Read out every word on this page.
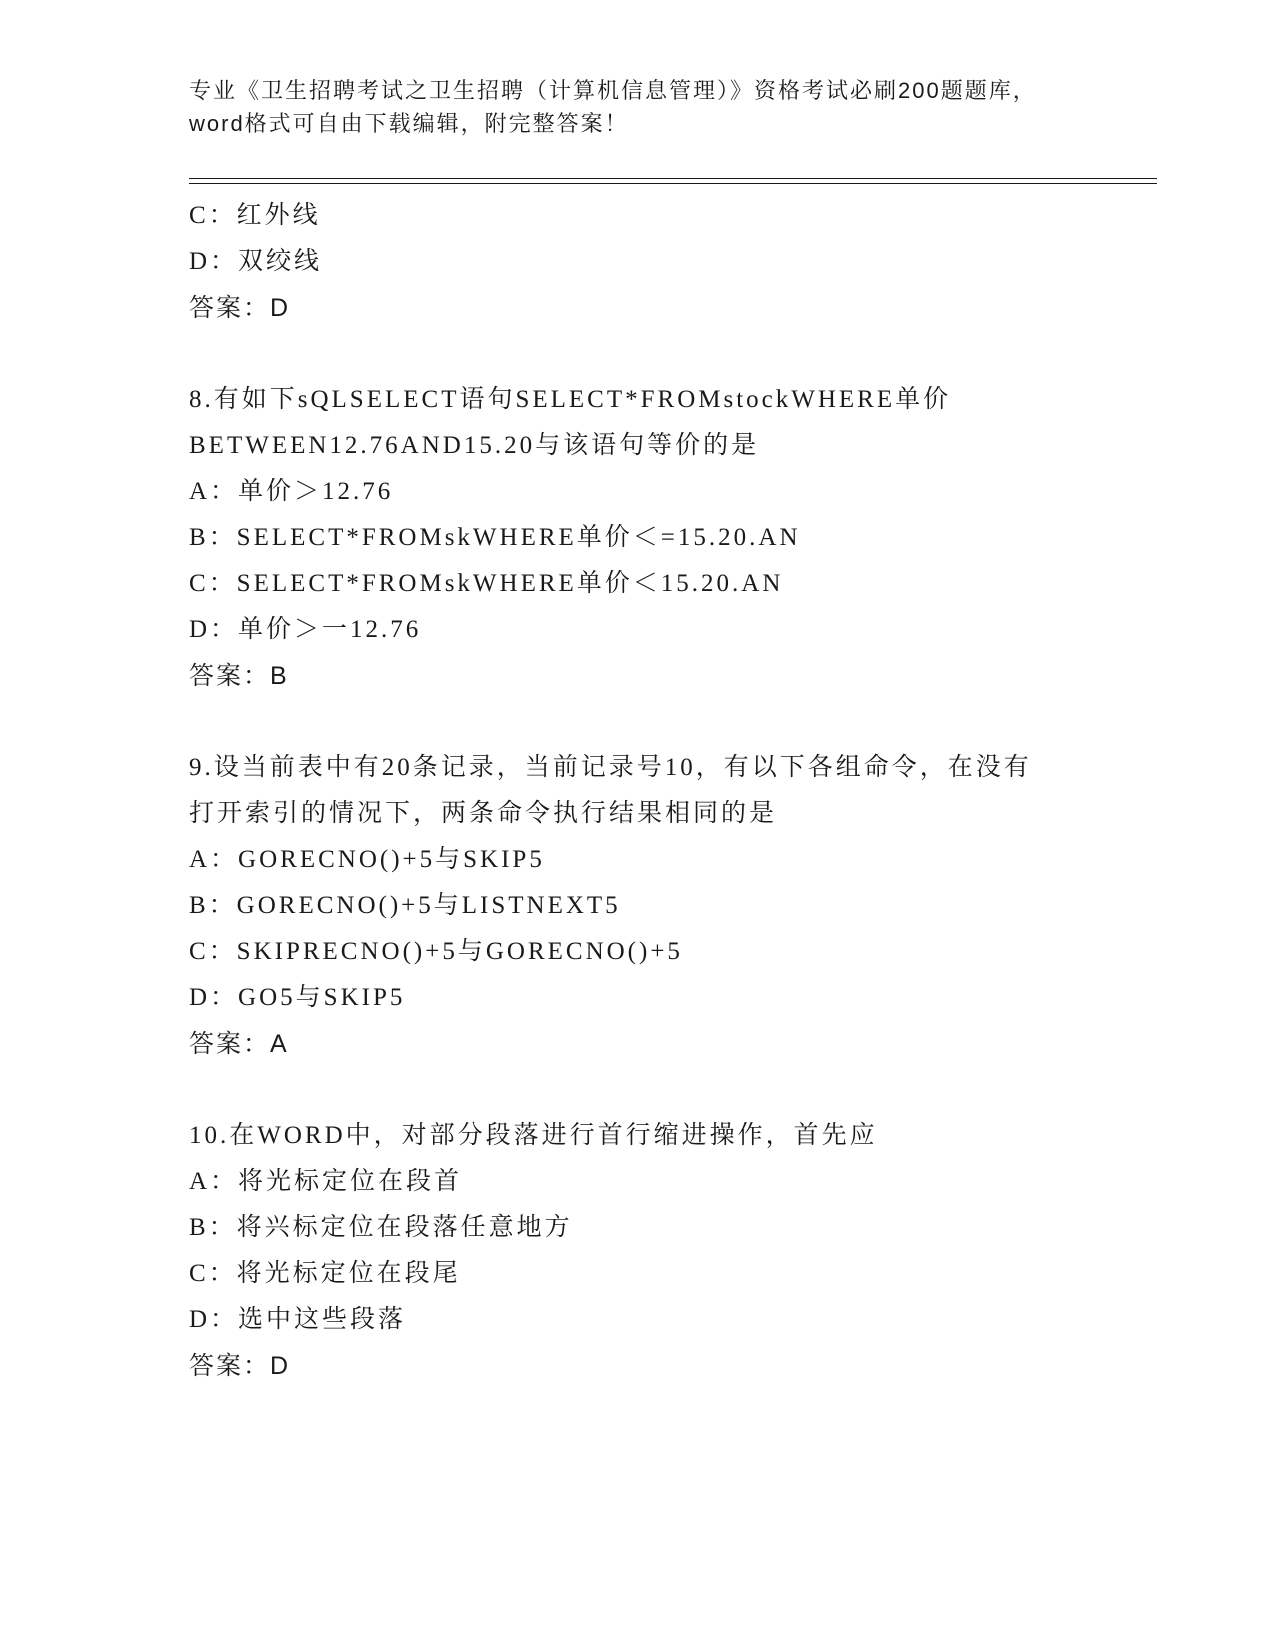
专业《卫生招聘考试之卫生招聘（计算机信息管理）》资格考试必刷200题题库，
word格式可自由下载编辑，附完整答案！
C：红外线
D：双绞线
答案：D
8.有如下sQLSELECT语句SELECT*FROMstockWHERE单价
BETWEEN12.76AND15.20与该语句等价的是
A：单价＞12.76
B：SELECT*FROMskWHERE单价＜=15.20.AN
C：SELECT*FROMskWHERE单价＜15.20.AN
D：单价＞一12.76
答案：B
9.设当前表中有20条记录，当前记录号10，有以下各组命令，在没有
打开索引的情况下，两条命令执行结果相同的是
A：GORECNO()+5与SKIP5
B：GORECNO()+5与LISTNEXT5
C：SKIPRECNO()+5与GORECNO()+5
D：GO5与SKIP5
答案：A
10.在WORD中，对部分段落进行首行缩进操作，首先应
A：将光标定位在段首
B：将兴标定位在段落任意地方
C：将光标定位在段尾
D：选中这些段落
答案：D
